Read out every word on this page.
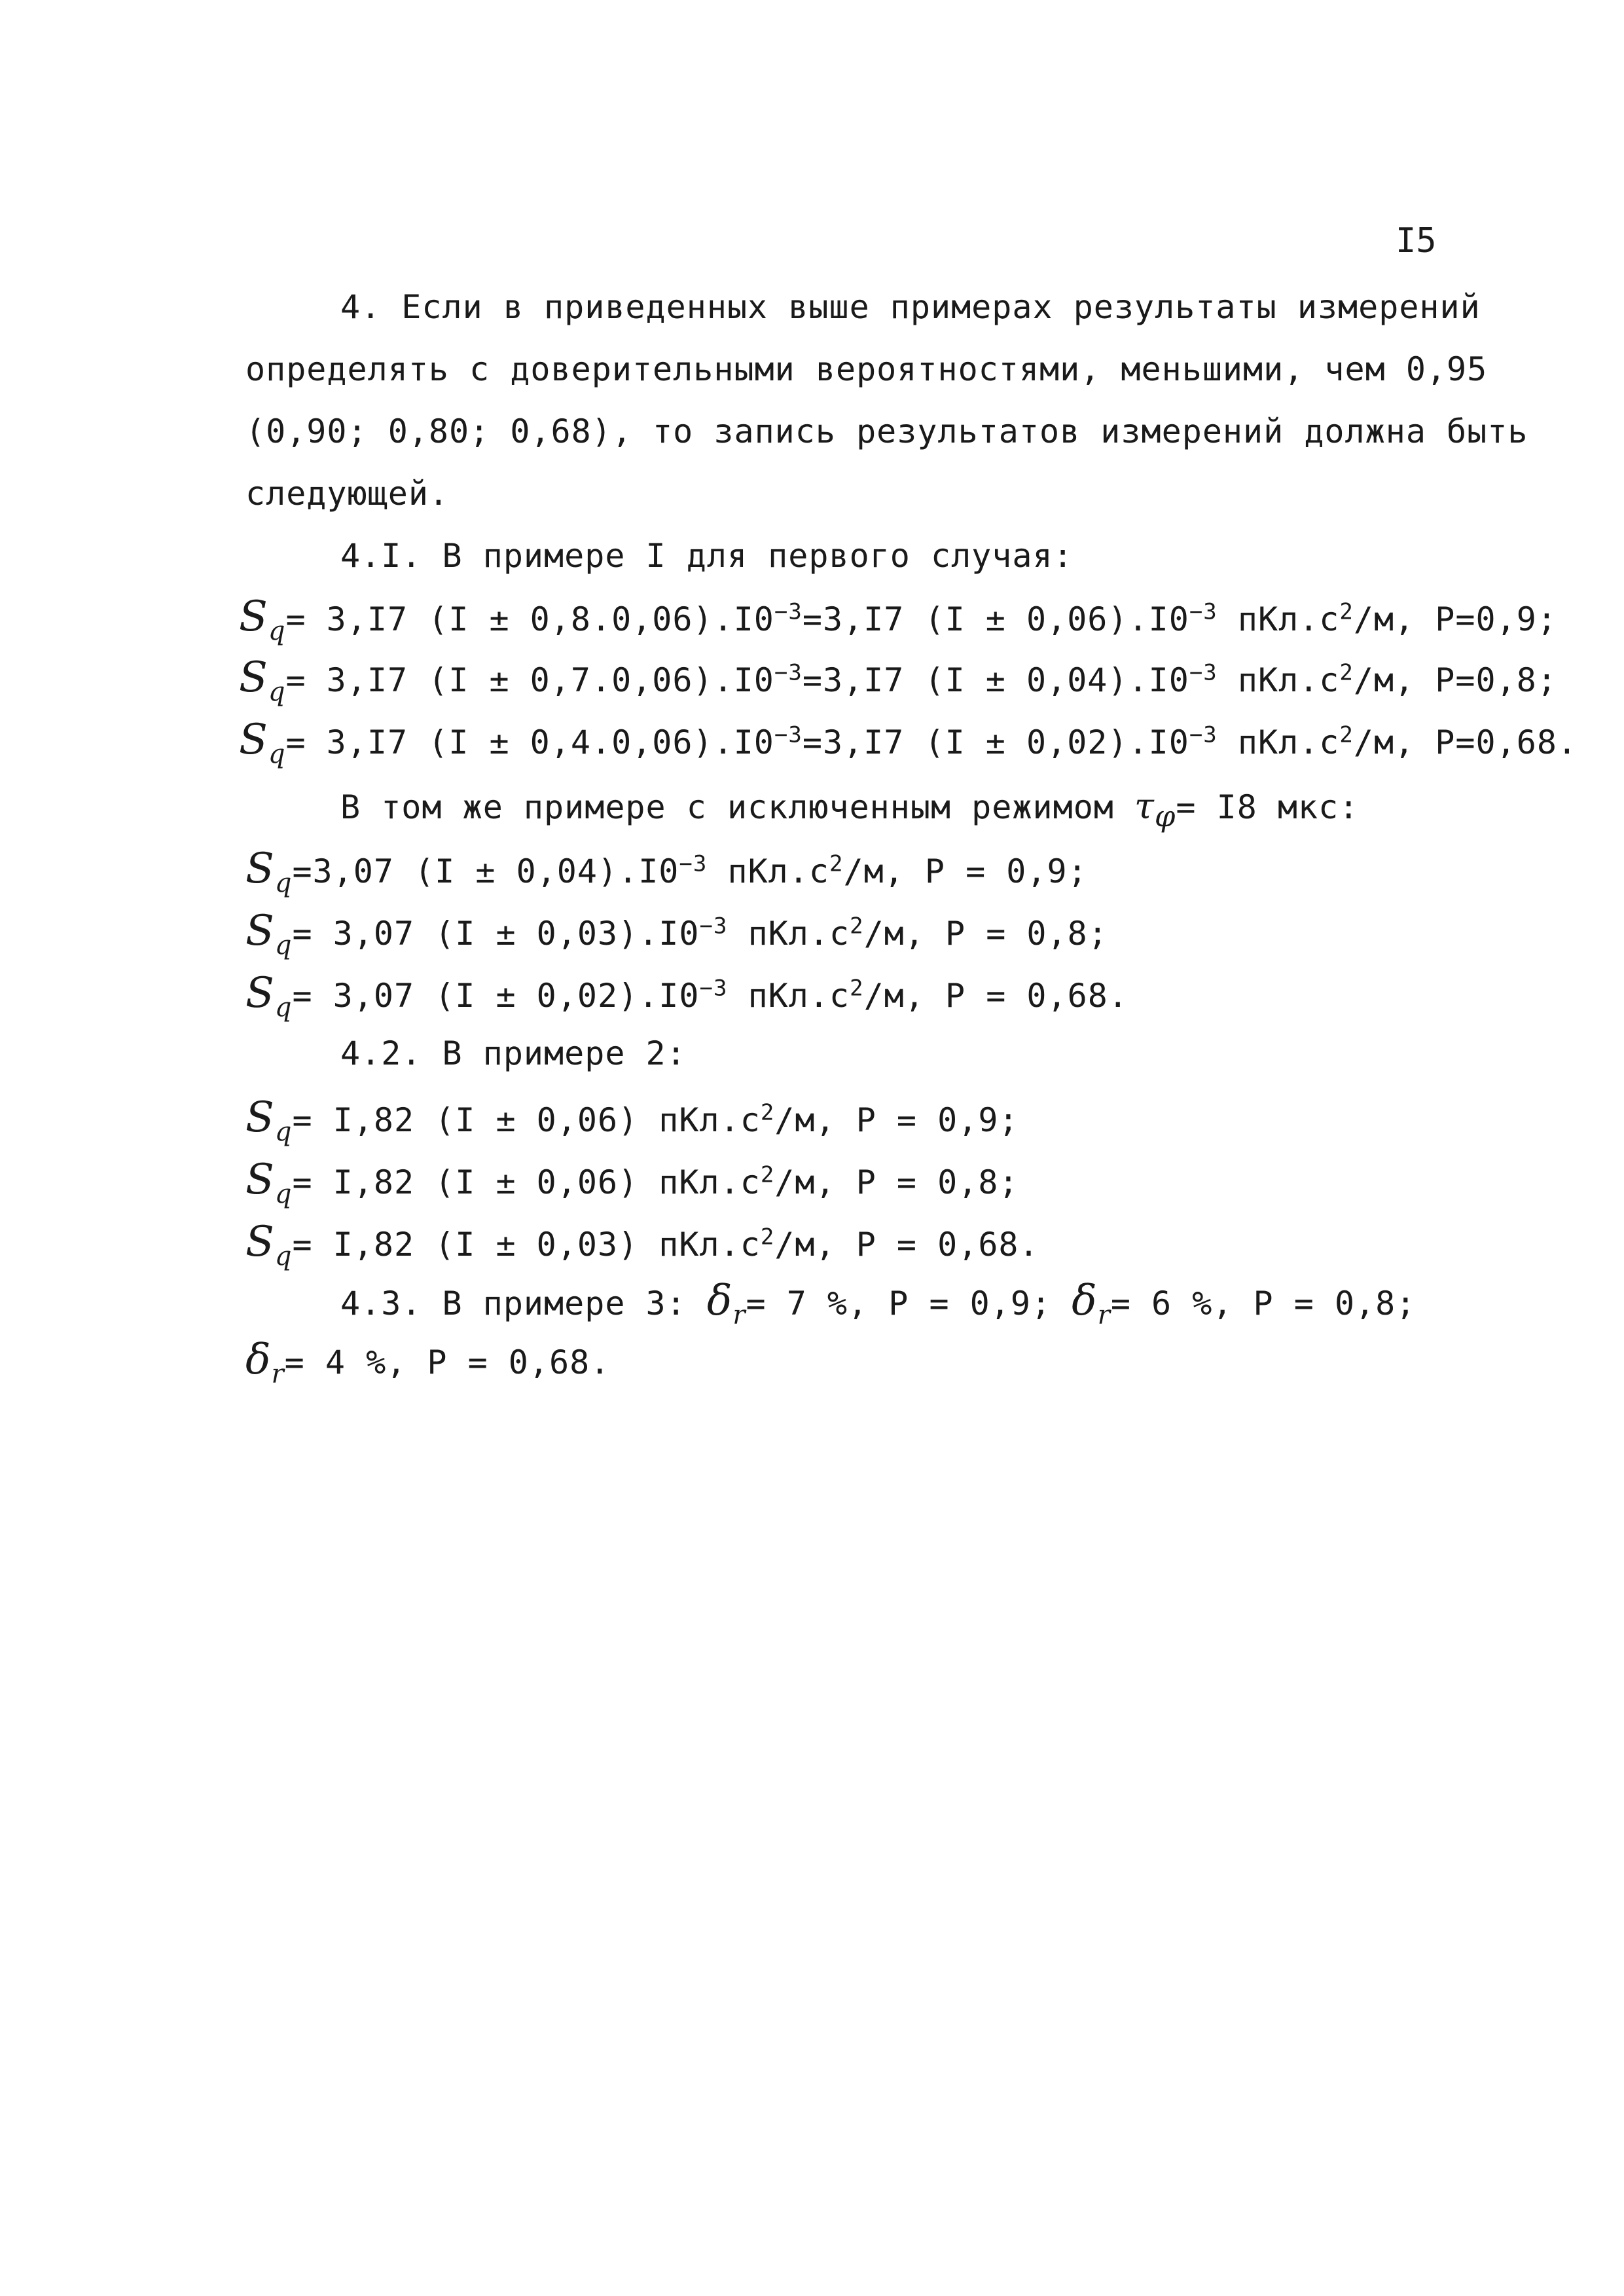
I5
4. Если в приведенных выше примерах результаты измерений
определять с доверительными вероятностями, меньшими, чем 0,95
(0,90; 0,80; 0,68), то запись результатов измерений должна быть
следующей.
4.I. В примере I для первого случая:
$S_q= 3,I7$ $(I \pm 0,8.0,06).I0^{-3}=3,I7$ $(I \pm 0,06).I0^{-3}$ $пКл.с^2/м$, P=0,9;
$S_q= 3,I7$ $(I \pm 0,7.0,06).I0^{-3}=3,I7$ $(I \pm 0,04).I0^{-3}$ $пКл.с^2/м$, P=0,8;
$S_q= 3,I7$ $(I \pm 0,4.0,06).I0^{-3}=3,I7$ $(I \pm 0,02).I0^{-3}$ $пКл.с^2/м$, P=0,68.
В том же примере с исключенным режимом $\tau_\varphi= I8$ мкс:
$S_q=3,07$ $(I \pm 0,04).I0^{-3}$ $пКл.с^2/м$, P = 0,9;
$S_q= 3,07$ $(I \pm 0,03).I0^{-3}$ $пКл.с^2/м$, P = 0,8;
$S_q= 3,07$ $(I \pm 0,02).I0^{-3}$ $пКл.с^2/м$, P = 0,68.
4.2. В примере 2:
$S_q= I,82$ (I ± 0,06) $пКл.с^2/м$, P = 0,9;
$S_q= I,82$ (I ± 0,06) $пКл.с^2/м$, P = 0,8;
$S_q= I,82$ (I ± 0,03) $пКл.с^2/м$, P = 0,68.
4.3. В примере 3: $\delta_r= 7$ %, P = 0,9; $\delta_r= 6$ %, P = 0,8;
$\delta_r= 4$ %, P = 0,68.
